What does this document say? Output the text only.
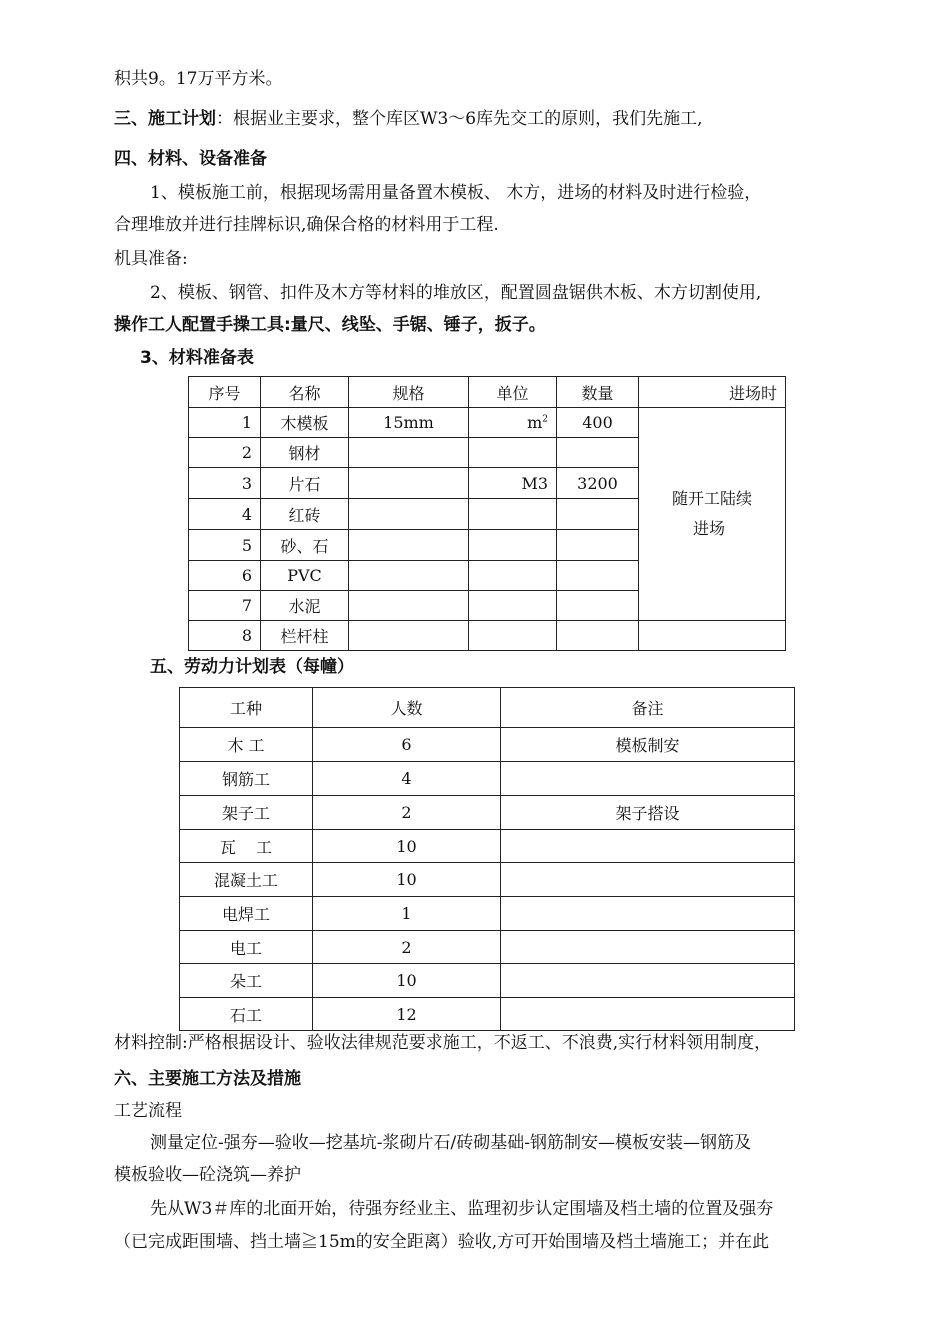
积共9。17万平方米。
三、施工计划：根据业主要求，整个库区W3～6库先交工的原则，我们先施工,
四、材料、设备准备
1、模板施工前，根据现场需用量备置木模板、 木方，进场的材料及时进行检验，
合理堆放并进行挂牌标识,确保合格的材料用于工程.
机具准备:
2、模板、钢管、扣件及木方等材料的堆放区，配置圆盘锯供木板、木方切割使用,
操作工人配置手操工具:量尺、线坠、手锯、锤子，扳子。
3、材料准备表
序号	名称	规格	单位	数量	进场时
1	木模板	15mm	$m^2$	400	随开工陆续
进场

2	钢材				
3	片石		M3	3200	
4	红砖				
5	砂、石				
6	PVC				
7	水泥				
8	栏杆柱				
五、劳动力计划表（每幢）
工种	人数	备注
木 工	6	模板制安
钢筋工	4	
架子工	2	架子搭设
瓦    工	10	
混凝土工	10	
电焊工	1	
电工	2	
朵工	10	
石工	12	
材料控制:严格根据设计、验收法律规范要求施工，不返工、不浪费,实行材料领用制度，
六、主要施工方法及措施
工艺流程
测量定位-强夯—验收—挖基坑-浆砌片石/砖砌基础-钢筋制安—模板安装—钢筋及
模板验收—砼浇筑—养护
先从W3＃库的北面开始，待强夯经业主、监理初步认定围墙及档土墙的位置及强夯
（已完成距围墙、挡土墙≧15m的安全距离）验收,方可开始围墙及档土墙施工；并在此
